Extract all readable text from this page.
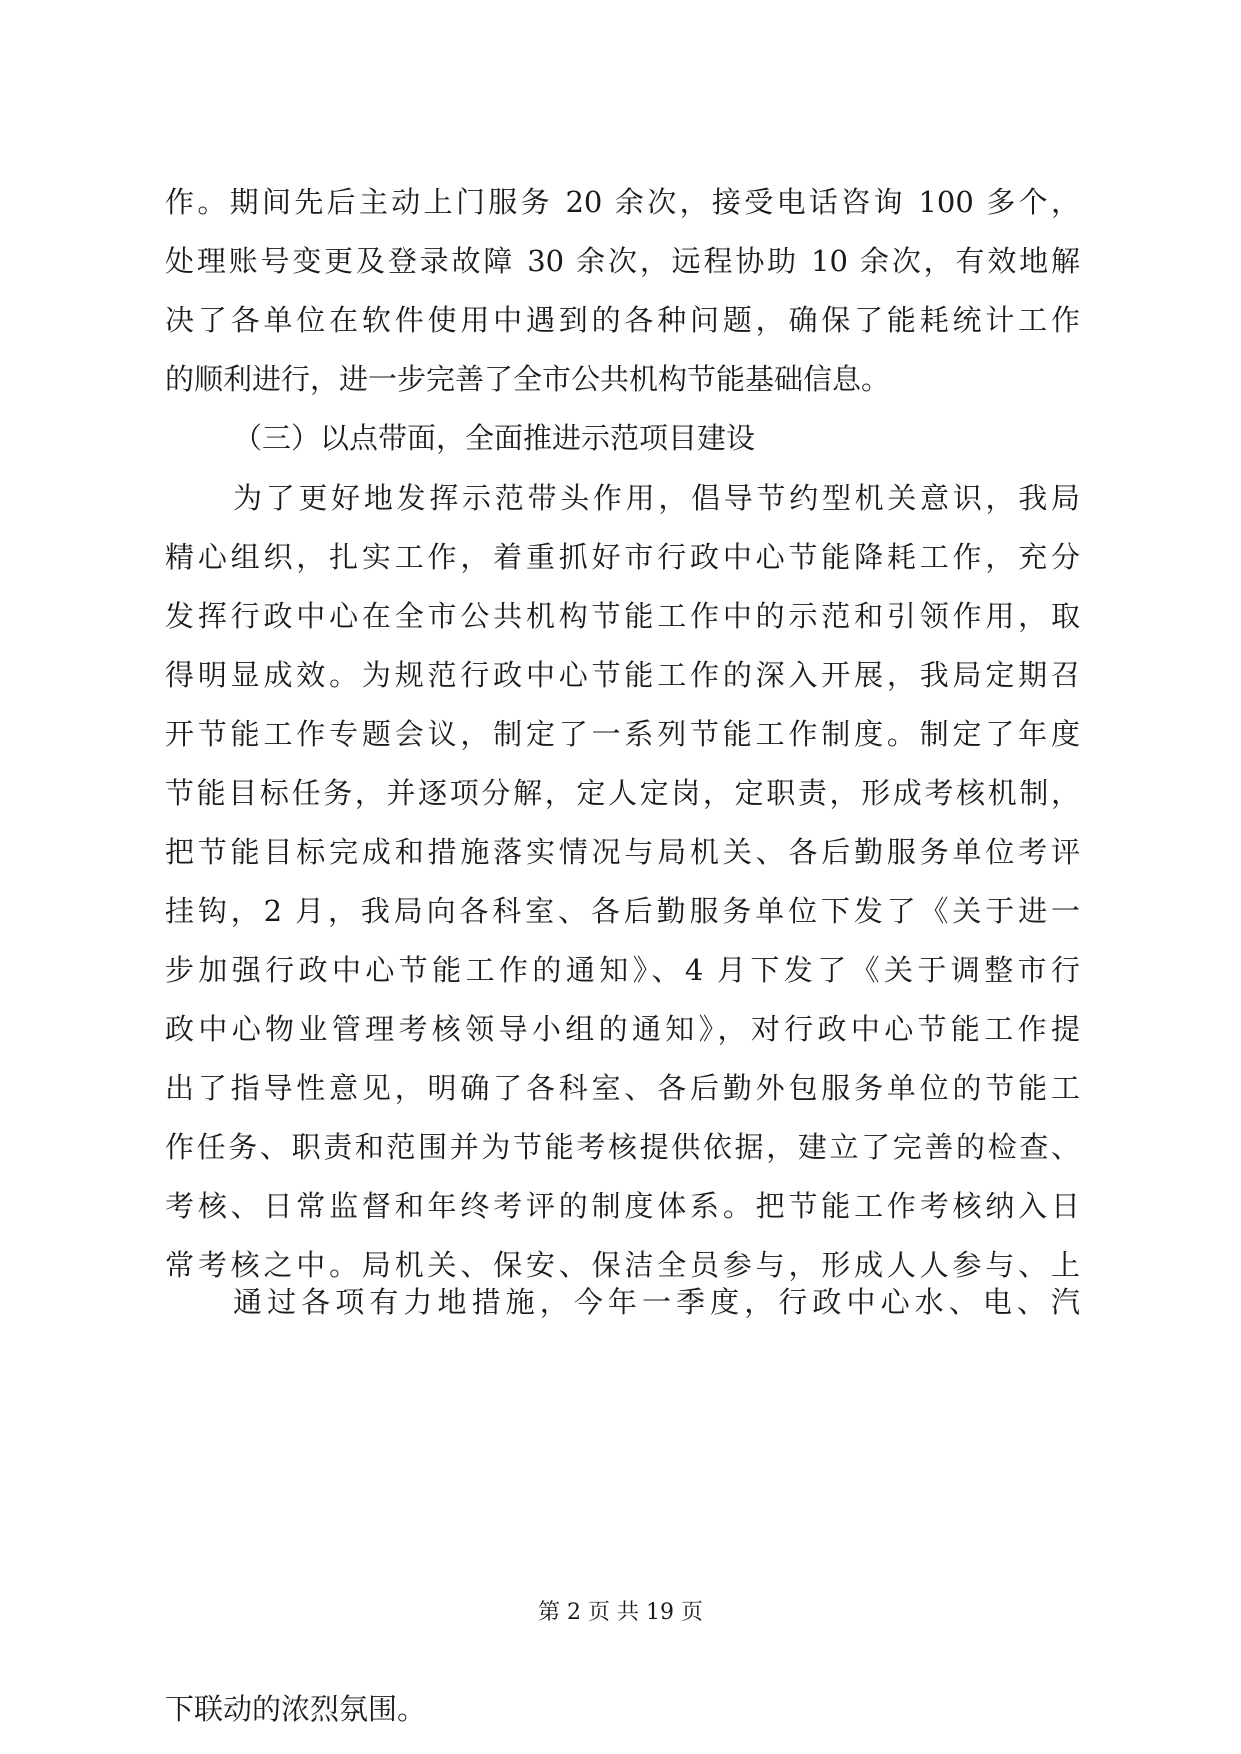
作。期间先后主动上门服务 20 余次，接受电话咨询 100 多个，
处理账号变更及登录故障 30 余次，远程协助 10 余次，有效地解
决了各单位在软件使用中遇到的各种问题，确保了能耗统计工作
的顺利进行，进一步完善了全市公共机构节能基础信息。
（三）以点带面，全面推进示范项目建设
为了更好地发挥示范带头作用，倡导节约型机关意识，我局
精心组织，扎实工作，着重抓好市行政中心节能降耗工作，充分
发挥行政中心在全市公共机构节能工作中的示范和引领作用，取
得明显成效。为规范行政中心节能工作的深入开展，我局定期召
开节能工作专题会议，制定了一系列节能工作制度。制定了年度
节能目标任务，并逐项分解，定人定岗，定职责，形成考核机制，
把节能目标完成和措施落实情况与局机关、各后勤服务单位考评
挂钩，2 月，我局向各科室、各后勤服务单位下发了《关于进一
步加强行政中心节能工作的通知》、4 月下发了《关于调整市行
政中心物业管理考核领导小组的通知》，对行政中心节能工作提
出了指导性意见，明确了各科室、各后勤外包服务单位的节能工
作任务、职责和范围并为节能考核提供依据，建立了完善的检查、
考核、日常监督和年终考评的制度体系。把节能工作考核纳入日
常考核之中。局机关、保安、保洁全员参与，形成人人参与、上
下联动的浓烈氛围。
通过各项有力地措施，今年一季度，行政中心水、电、汽
第 2 页 共 19 页
